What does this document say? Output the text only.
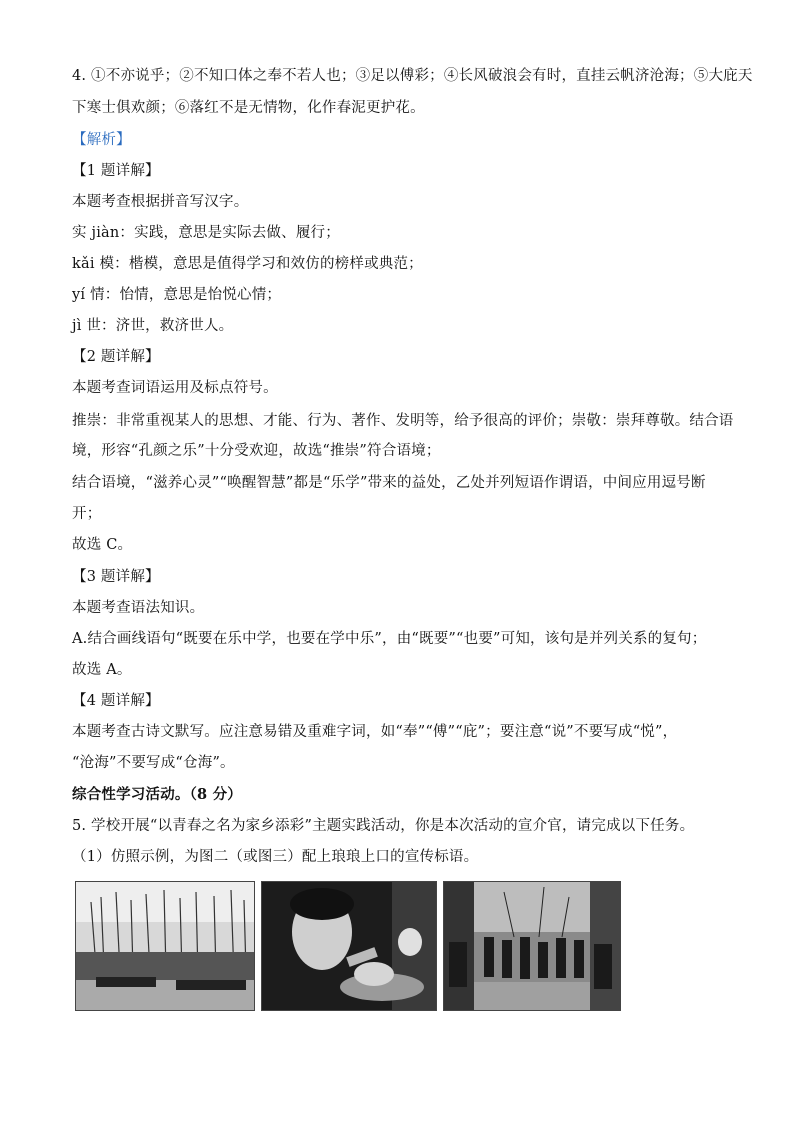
4. ①不亦说乎；②不知口体之奉不若人也；③足以傅彩；④长风破浪会有时，直挂云帆济沧海；⑤大庇天
下寒士俱欢颜；⑥落红不是无情物，化作春泥更护花。
【解析】
【1 题详解】
本题考查根据拼音写汉字。
实 jiàn：实践，意思是实际去做、履行；
kǎi 模：楷模，意思是值得学习和效仿的榜样或典范；
yí 情：怡情，意思是怡悦心情；
jì 世：济世，救济世人。
【2 题详解】
本题考查词语运用及标点符号。
推崇：非常重视某人的思想、才能、行为、著作、发明等，给予很高的评价；崇敬：崇拜尊敬。结合语
境，形容“孔颜之乐”十分受欢迎，故选“推崇”符合语境；
结合语境，“滋养心灵”“唤醒智慧”都是“乐学”带来的益处，乙处并列短语作谓语，中间应用逗号断
开；
故选 C。
【3 题详解】
本题考查语法知识。
A.结合画线语句“既要在乐中学，也要在学中乐”，由“既要”“也要”可知，该句是并列关系的复句；
故选 A。
【4 题详解】
本题考查古诗文默写。应注意易错及重难字词，如“奉”“傅”“庇”；要注意“说”不要写成“悦”，
“沧海”不要写成“仓海”。
综合性学习活动。（8 分）
5. 学校开展“以青春之名为家乡添彩”主题实践活动，你是本次活动的宣介官，请完成以下任务。
（1）仿照示例，为图二（或图三）配上琅琅上口的宣传标语。
